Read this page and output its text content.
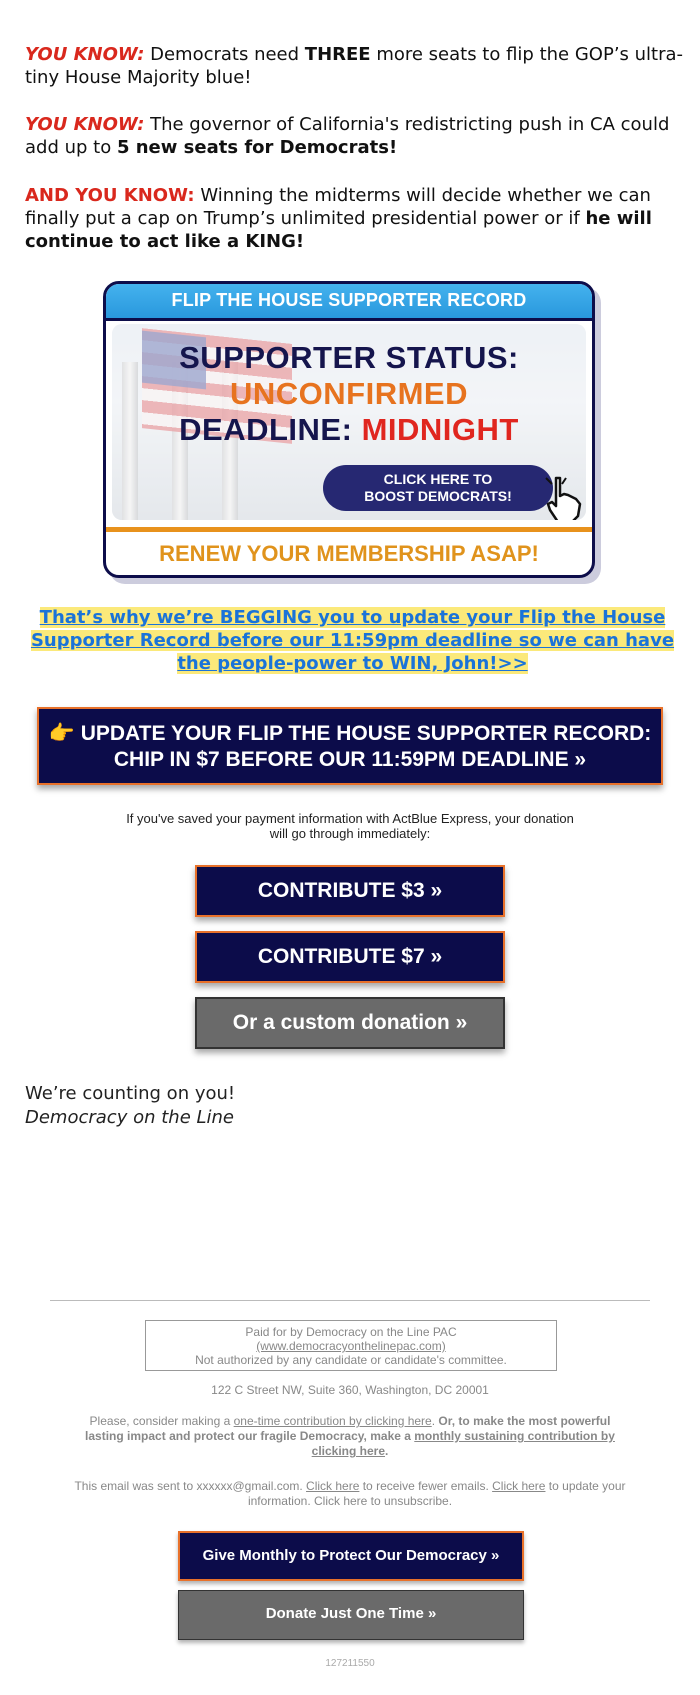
YOU KNOW: Democrats need THREE more seats to flip the GOP’s ultra-tiny House Majority blue!

YOU KNOW: The governor of California's redistricting push in CA could add up to 5 new seats for Democrats!

AND YOU KNOW: Winning the midterms will decide whether we can finally put a cap on Trump’s unlimited presidential power or if he will continue to act like a KING!

FLIP THE HOUSE SUPPORTER RECORD
SUPPORTER STATUS:
UNCONFIRMED
DEADLINE: MIDNIGHT
CLICK HERE TO
BOOST DEMOCRATS!
RENEW YOUR MEMBERSHIP ASAP!
That’s why we’re BEGGING you to update your Flip the House Supporter Record before our 11:59pm deadline so we can have the people-power to WIN, John!>>
👉 UPDATE YOUR FLIP THE HOUSE SUPPORTER RECORD:
CHIP IN $7 BEFORE OUR 11:59PM DEADLINE »
If you've saved your payment information with ActBlue Express, your donation will go through immediately:
CONTRIBUTE $3 »
CONTRIBUTE $7 »
Or a custom donation »
We’re counting on you!
Democracy on the Line
Paid for by Democracy on the Line PAC
(www.democracyonthelinepac.com)
Not authorized by any candidate or candidate's committee.
122 C Street NW, Suite 360, Washington, DC 20001
Please, consider making a one-time contribution by clicking here. Or, to make the most powerful lasting impact and protect our fragile Democracy, make a monthly sustaining contribution by clicking here.
This email was sent to xxxxxx@gmail.com. Click here to receive fewer emails. Click here to update your information. Click here to unsubscribe.
Give Monthly to Protect Our Democracy »
Donate Just One Time »
127211550
